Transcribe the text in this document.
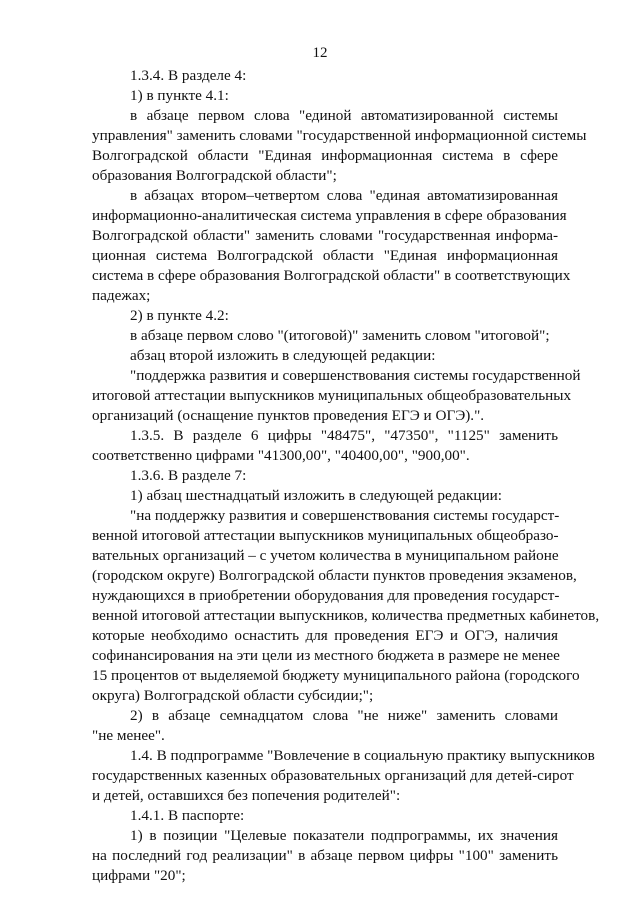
12
1.3.4. В разделе 4:
1) в пункте 4.1:
в абзаце первом слова "единой автоматизированной системы
управления" заменить словами "государственной информационной системы
Волгоградской области "Единая информационная система в сфере
образования Волгоградской области";
в абзацах втором–четвертом слова "единая автоматизированная
информационно-аналитическая система управления в сфере образования
Волгоградской области" заменить словами "государственная информа-
ционная система Волгоградской области "Единая информационная
система в сфере образования Волгоградской области" в соответствующих
падежах;
2) в пункте 4.2:
в абзаце первом слово "(итоговой)" заменить словом "итоговой";
абзац второй изложить в следующей редакции:
"поддержка развития и совершенствования системы государственной
итоговой аттестации выпускников муниципальных общеобразовательных
организаций (оснащение пунктов проведения ЕГЭ и ОГЭ).".
1.3.5. В разделе 6 цифры "48475", "47350", "1125" заменить
соответственно цифрами "41300,00", "40400,00", "900,00".
1.3.6. В разделе 7:
1) абзац шестнадцатый изложить в следующей редакции:
"на поддержку развития и совершенствования системы государст-
венной итоговой аттестации выпускников муниципальных общеобразо-
вательных организаций – с учетом количества в муниципальном районе
(городском округе) Волгоградской области пунктов проведения экзаменов,
нуждающихся в приобретении оборудования для проведения государст-
венной итоговой аттестации выпускников, количества предметных кабинетов,
которые необходимо оснастить для проведения ЕГЭ и ОГЭ, наличия
софинансирования на эти цели из местного бюджета в размере не менее
15 процентов от выделяемой бюджету муниципального района (городского
округа) Волгоградской области субсидии;";
2) в абзаце семнадцатом слова "не ниже" заменить словами
"не менее".
1.4. В подпрограмме "Вовлечение в социальную практику выпускников
государственных казенных образовательных организаций для детей-сирот
и детей, оставшихся без попечения родителей":
1.4.1. В паспорте:
1) в позиции "Целевые показатели подпрограммы, их значения
на последний год реализации" в абзаце первом цифры "100" заменить
цифрами "20";
